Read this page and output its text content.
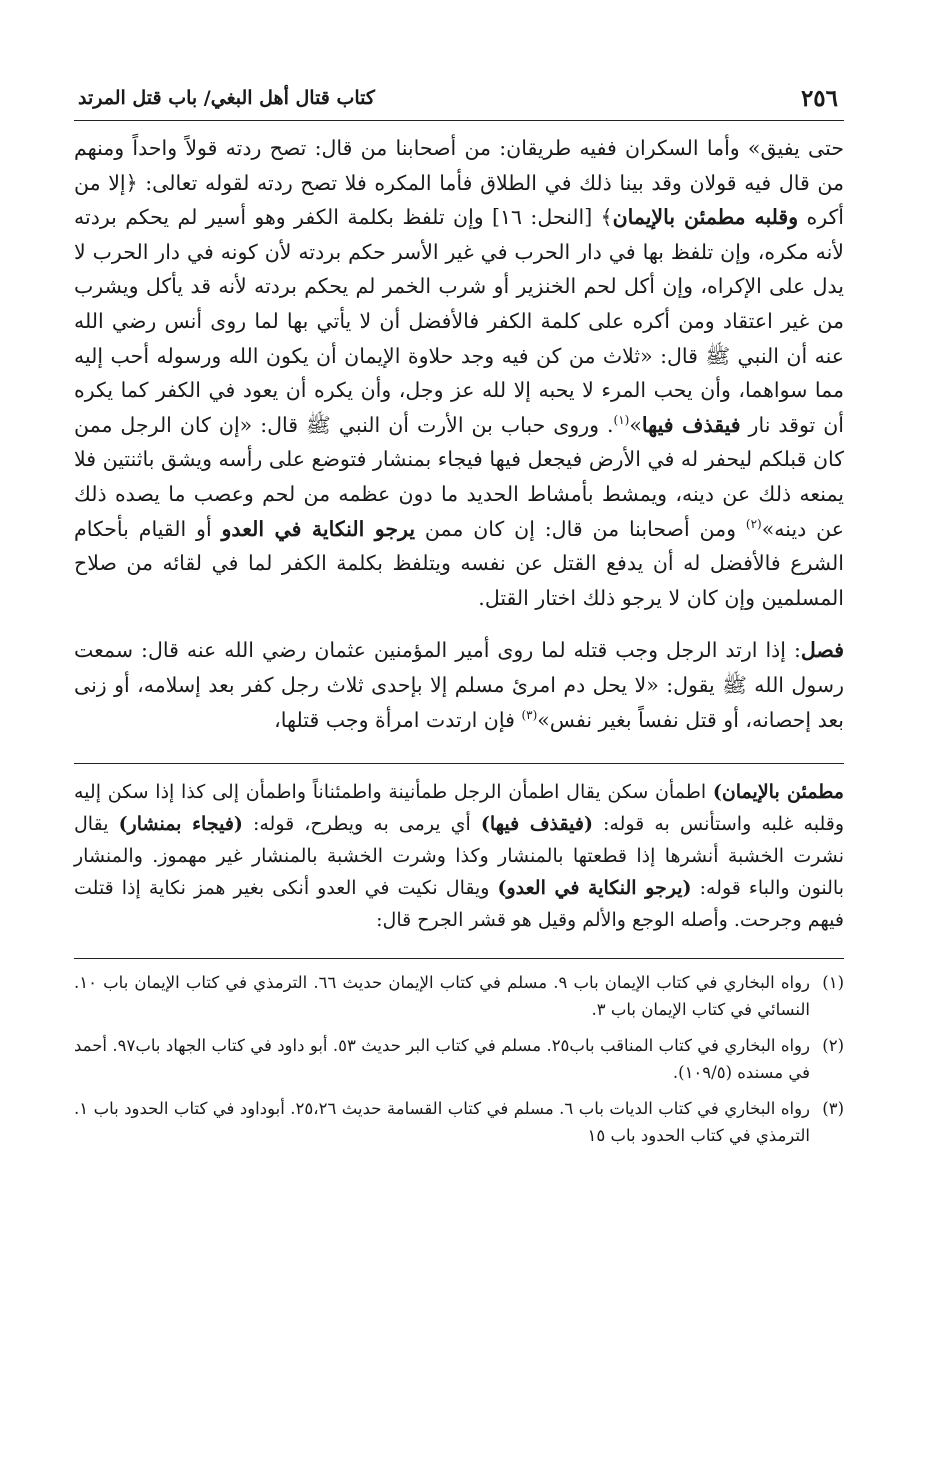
٢٥٦
كتاب قتال أهل البغي/ باب قتل المرتد

حتى يفيق» وأما السكران ففيه طريقان: من أصحابنا من قال: تصح ردته قولاً واحداً ومنهم من قال فيه قولان وقد بينا ذلك في الطلاق فأما المكره فلا تصح ردته لقوله تعالى: ﴿إلا من أكره وقلبه مطمئن بالإيمان﴾ [النحل: ١٦] وإن تلفظ بكلمة الكفر وهو أسير لم يحكم بردته لأنه مكره، وإن تلفظ بها في دار الحرب في غير الأسر حكم بردته لأن كونه في دار الحرب لا يدل على الإكراه، وإن أكل لحم الخنزير أو شرب الخمر لم يحكم بردته لأنه قد يأكل ويشرب من غير اعتقاد ومن أكره على كلمة الكفر فالأفضل أن لا يأتي بها لما روى أنس رضي الله عنه أن النبي ﷺ قال: «ثلاث من كن فيه وجد حلاوة الإيمان أن يكون الله ورسوله أحب إليه مما سواهما، وأن يحب المرء لا يحبه إلا لله عز وجل، وأن يكره أن يعود في الكفر كما يكره أن توقد نار فيقذف فيها»$^{(١)}$. وروى حباب بن الأرت أن النبي ﷺ قال: «إن كان الرجل ممن كان قبلكم ليحفر له في الأرض فيجعل فيها فيجاء بمنشار فتوضع على رأسه ويشق باثنتين فلا يمنعه ذلك عن دينه، ويمشط بأمشاط الحديد ما دون عظمه من لحم وعصب ما يصده ذلك عن دينه»$^{(٢)}$ ومن أصحابنا من قال: إن كان ممن يرجو النكاية في العدو أو القيام بأحكام الشرع فالأفضل له أن يدفع القتل عن نفسه ويتلفظ بكلمة الكفر لما في لقائه من صلاح المسلمين وإن كان لا يرجو ذلك اختار القتل.

فصل: إذا ارتد الرجل وجب قتله لما روى أمير المؤمنين عثمان رضي الله عنه قال: سمعت رسول الله ﷺ يقول: «لا يحل دم امرئ مسلم إلا بإحدى ثلاث رجل كفر بعد إسلامه، أو زنى بعد إحصانه، أو قتل نفساً بغير نفس»$^{(٣)}$ فإن ارتدت امرأة وجب قتلها،

مطمئن بالإيمان) اطمأن سكن يقال اطمأن الرجل طمأنينة واطمئناناً واطمأن إلى كذا إذا سكن إليه وقلبه غلبه واستأنس به قوله: (فيقذف فيها) أي يرمى به ويطرح، قوله: (فيجاء بمنشار) يقال نشرت الخشبة أنشرها إذا قطعتها بالمنشار وكذا وشرت الخشبة بالمنشار غير مهموز. والمنشار بالنون والباء قوله: (يرجو النكاية في العدو) ويقال نكيت في العدو أنكى بغير همز نكاية إذا قتلت فيهم وجرحت. وأصله الوجع والألم وقيل هو قشر الجرح قال:

(١)
رواه البخاري في كتاب الإيمان باب ٩. مسلم في كتاب الإيمان حديث ٦٦. الترمذي في كتاب الإيمان باب ١٠. النسائي في كتاب الإيمان باب ٣.
(٢)
رواه البخاري في كتاب المناقب باب٢٥. مسلم في كتاب البر حديث ٥٣. أبو داود في كتاب الجهاد باب٩٧. أحمد في مسنده (١٠٩/٥).
(٣)
رواه البخاري في كتاب الديات باب ٦. مسلم في كتاب القسامة حديث ٢٥،٢٦. أبوداود في كتاب الحدود باب ١. الترمذي في كتاب الحدود باب ١٥
